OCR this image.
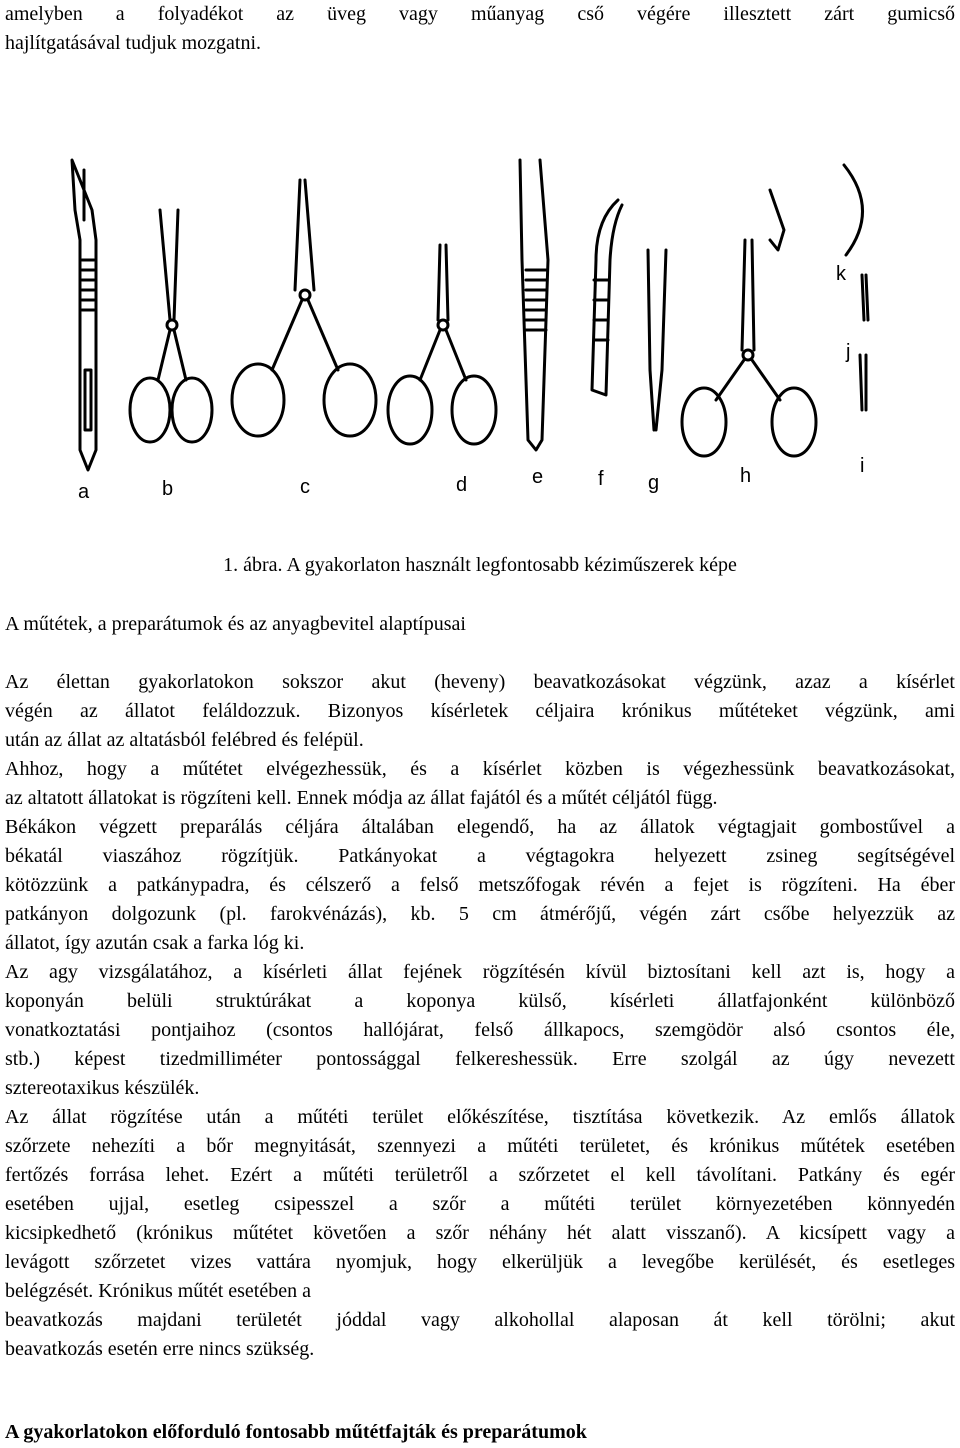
amelyben a folyadékot az üveg vagy műanyag cső végére illesztett zárt gumicső
hajlítgatásával tudjuk mozgatni.
a	b	c	d	e	f g	h	i
j
k
1. ábra. A gyakorlaton használt legfontosabb kéziműszerek képe
A műtétek, a preparátumok és az anyagbevitel alaptípusai
Az élettan gyakorlatokon sokszor akut (heveny) beavatkozásokat végzünk, azaz a kísérlet
végén az állatot feláldozzuk. Bizonyos kísérletek céljaira krónikus műtéteket végzünk, ami
után az állat az altatásból felébred és felépül.
Ahhoz, hogy a műtétet elvégezhessük, és a kísérlet közben is végezhessünk beavatkozásokat,
az altatott állatokat is rögzíteni kell. Ennek módja az állat fajától és a műtét céljától függ.
Békákon végzett preparálás céljára általában elegendő, ha az állatok végtagjait gombostűvel a
békatál viaszához rögzítjük. Patkányokat a végtagokra helyezett zsineg segítségével
kötözzünk a patkánypadra, és célszerő a felső metszőfogak révén a fejet is rögzíteni. Ha éber
patkányon dolgozunk (pl. farokvénázás), kb. 5 cm átmérőjű, végén zárt csőbe helyezzük az
állatot, így azután csak a farka lóg ki.
Az agy vizsgálatához, a kísérleti állat fejének rögzítésén kívül biztosítani kell azt is, hogy a
koponyán belüli struktúrákat a koponya külső, kísérleti állatfajonként különböző
vonatkoztatási pontjaihoz (csontos hallójárat, felső állkapocs, szemgödör alsó csontos éle,
stb.) képest tizedmilliméter pontossággal felkereshessük. Erre szolgál az úgy nevezett
sztereotaxikus készülék.
Az állat rögzítése után a műtéti terület előkészítése, tisztítása következik. Az emlős állatok
szőrzete nehezíti a bőr megnyitását, szennyezi a műtéti területet, és krónikus műtétek esetében
fertőzés forrása lehet. Ezért a műtéti területről a szőrzetet el kell távolítani. Patkány és egér
esetében ujjal, esetleg csipesszel a szőr a műtéti terület környezetében könnyedén
kicsipkedhető (krónikus műtétet követően a szőr néhány hét alatt visszanő). A kicsípett vagy a
levágott szőrzetet vizes vattára nyomjuk, hogy elkerüljük a levegőbe kerülését, és esetleges
belégzését. Krónikus műtét esetében a
beavatkozás majdani területét jóddal vagy alkohollal alaposan át kell törölni; akut
beavatkozás esetén erre nincs szükség.
A gyakorlatokon előforduló fontosabb műtétfajták és preparátumok
